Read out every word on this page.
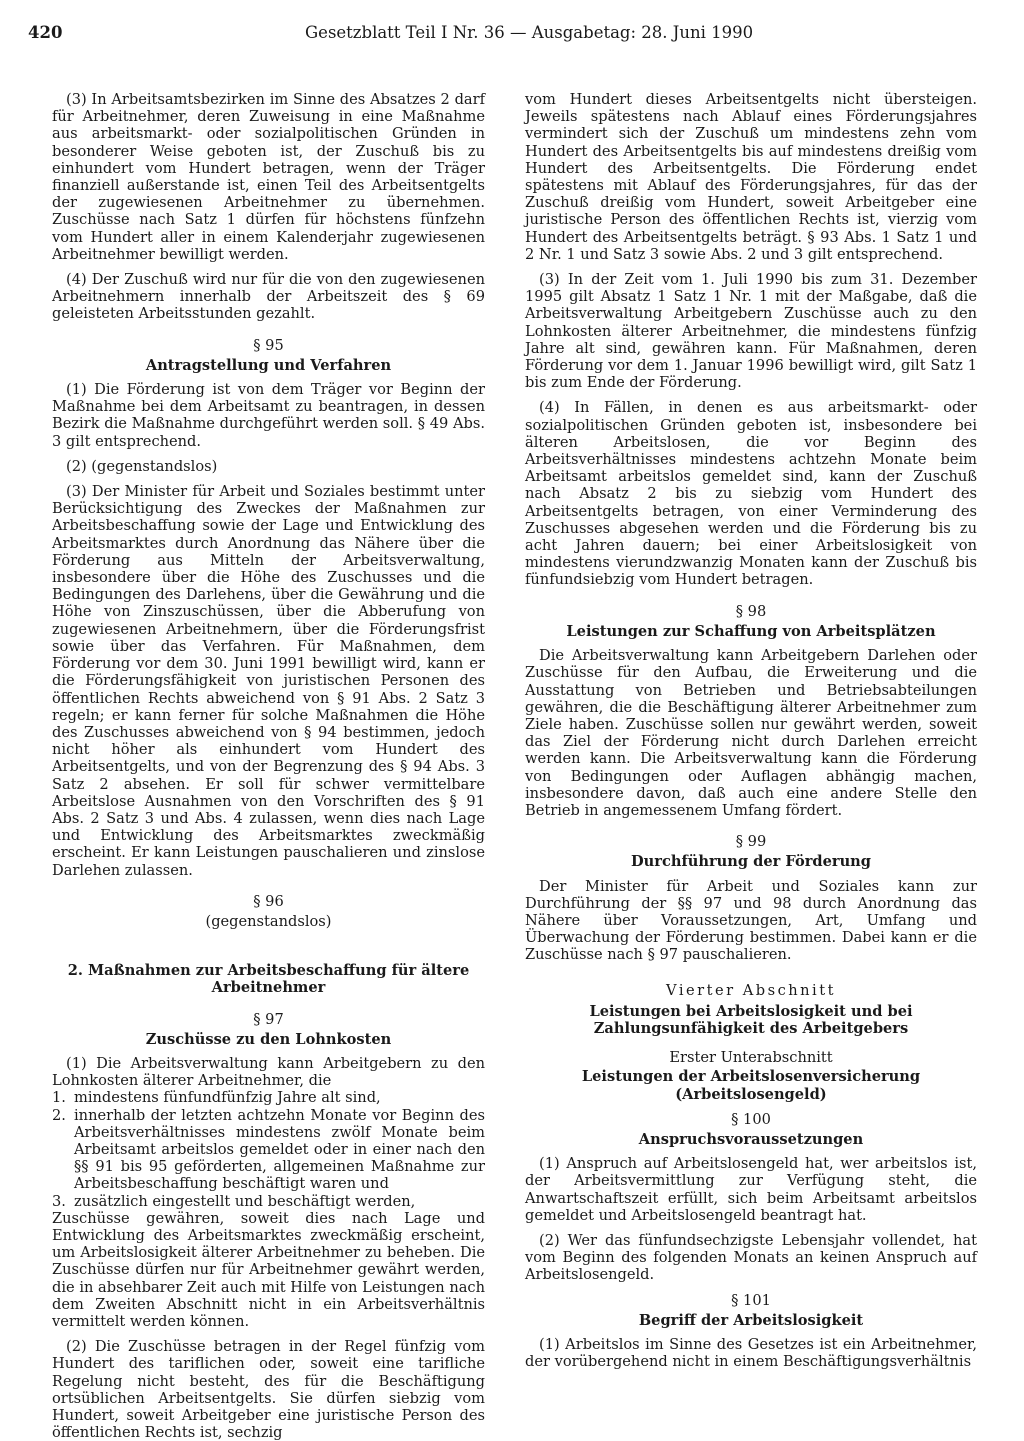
420	Gesetzblatt Teil I Nr. 36 — Ausgabetag: 28. Juni 1990

(3) In Arbeitsamtsbezirken im Sinne des Absatzes 2 darf für Arbeitnehmer, deren Zuweisung in eine Maßnahme aus arbeitsmarkt- oder sozialpolitischen Gründen in besonderer Weise geboten ist, der Zuschuß bis zu einhundert vom Hundert betragen, wenn der Träger finanziell außerstande ist, einen Teil des Arbeitsentgelts der zugewiesenen Arbeitnehmer zu übernehmen. Zuschüsse nach Satz 1 dürfen für höchstens fünfzehn vom Hundert aller in einem Kalenderjahr zugewiesenen Arbeitnehmer bewilligt werden.

(4) Der Zuschuß wird nur für die von den zugewiesenen Arbeitnehmern innerhalb der Arbeitszeit des § 69 geleisteten Arbeitsstunden gezahlt.

§ 95
Antragstellung und Verfahren

(1) Die Förderung ist von dem Träger vor Beginn der Maßnahme bei dem Arbeitsamt zu beantragen, in dessen Bezirk die Maßnahme durchgeführt werden soll. § 49 Abs. 3 gilt entsprechend.

(2) (gegenstandslos)

(3) Der Minister für Arbeit und Soziales bestimmt unter Berücksichtigung des Zweckes der Maßnahmen zur Arbeitsbeschaffung sowie der Lage und Entwicklung des Arbeitsmarktes durch Anordnung das Nähere über die Förderung aus Mitteln der Arbeitsverwaltung, insbesondere über die Höhe des Zuschusses und die Bedingungen des Darlehens, über die Gewährung und die Höhe von Zinszuschüssen, über die Abberufung von zugewiesenen Arbeitnehmern, über die Förderungsfrist sowie über das Verfahren. Für Maßnahmen, dem Förderung vor dem 30. Juni 1991 bewilligt wird, kann er die Förderungsfähigkeit von juristischen Personen des öffentlichen Rechts abweichend von § 91 Abs. 2 Satz 3 regeln; er kann ferner für solche Maßnahmen die Höhe des Zuschusses abweichend von § 94 bestimmen, jedoch nicht höher als einhundert vom Hundert des Arbeitsentgelts, und von der Begrenzung des § 94 Abs. 3 Satz 2 absehen. Er soll für schwer vermittelbare Arbeitslose Ausnahmen von den Vorschriften des § 91 Abs. 2 Satz 3 und Abs. 4 zulassen, wenn dies nach Lage und Entwicklung des Arbeitsmarktes zweckmäßig erscheint. Er kann Leistungen pauschalieren und zinslose Darlehen zulassen.

§ 96
(gegenstandslos)
2. Maßnahmen zur Arbeitsbeschaffung für ältere Arbeitnehmer
§ 97
Zuschüsse zu den Lohnkosten

(1) Die Arbeitsverwaltung kann Arbeitgebern zu den Lohnkosten älterer Arbeitnehmer, die

1. mindestens fünfundfünfzig Jahre alt sind,
2. innerhalb der letzten achtzehn Monate vor Beginn des Arbeitsverhältnisses mindestens zwölf Monate beim Arbeitsamt arbeitslos gemeldet oder in einer nach den §§ 91 bis 95 geförderten, allgemeinen Maßnahme zur Arbeitsbeschaffung beschäftigt waren und
3. zusätzlich eingestellt und beschäftigt werden,

Zuschüsse gewähren, soweit dies nach Lage und Entwicklung des Arbeitsmarktes zweckmäßig erscheint, um Arbeitslosigkeit älterer Arbeitnehmer zu beheben. Die Zuschüsse dürfen nur für Arbeitnehmer gewährt werden, die in absehbarer Zeit auch mit Hilfe von Leistungen nach dem Zweiten Abschnitt nicht in ein Arbeitsverhältnis vermittelt werden können.

(2) Die Zuschüsse betragen in der Regel fünfzig vom Hundert des tariflichen oder, soweit eine tarifliche Regelung nicht besteht, des für die Beschäftigung ortsüblichen Arbeitsentgelts. Sie dürfen siebzig vom Hundert, soweit Arbeitgeber eine juristische Person des öffentlichen Rechts ist, sechzig

vom Hundert dieses Arbeitsentgelts nicht übersteigen. Jeweils spätestens nach Ablauf eines Förderungsjahres vermindert sich der Zuschuß um mindestens zehn vom Hundert des Arbeitsentgelts bis auf mindestens dreißig vom Hundert des Arbeitsentgelts. Die Förderung endet spätestens mit Ablauf des Förderungsjahres, für das der Zuschuß dreißig vom Hundert, soweit Arbeitgeber eine juristische Person des öffentlichen Rechts ist, vierzig vom Hundert des Arbeitsentgelts beträgt. § 93 Abs. 1 Satz 1 und 2 Nr. 1 und Satz 3 sowie Abs. 2 und 3 gilt entsprechend.

(3) In der Zeit vom 1. Juli 1990 bis zum 31. Dezember 1995 gilt Absatz 1 Satz 1 Nr. 1 mit der Maßgabe, daß die Arbeitsverwaltung Arbeitgebern Zuschüsse auch zu den Lohnkosten älterer Arbeitnehmer, die mindestens fünfzig Jahre alt sind, gewähren kann. Für Maßnahmen, deren Förderung vor dem 1. Januar 1996 bewilligt wird, gilt Satz 1 bis zum Ende der Förderung.

(4) In Fällen, in denen es aus arbeitsmarkt- oder sozialpolitischen Gründen geboten ist, insbesondere bei älteren Arbeitslosen, die vor Beginn des Arbeitsverhältnisses mindestens achtzehn Monate beim Arbeitsamt arbeitslos gemeldet sind, kann der Zuschuß nach Absatz 2 bis zu siebzig vom Hundert des Arbeitsentgelts betragen, von einer Verminderung des Zuschusses abgesehen werden und die Förderung bis zu acht Jahren dauern; bei einer Arbeitslosigkeit von mindestens vierundzwanzig Monaten kann der Zuschuß bis fünfundsiebzig vom Hundert betragen.

§ 98
Leistungen zur Schaffung von Arbeitsplätzen

Die Arbeitsverwaltung kann Arbeitgebern Darlehen oder Zuschüsse für den Aufbau, die Erweiterung und die Ausstattung von Betrieben und Betriebsabteilungen gewähren, die die Beschäftigung älterer Arbeitnehmer zum Ziele haben. Zuschüsse sollen nur gewährt werden, soweit das Ziel der Förderung nicht durch Darlehen erreicht werden kann. Die Arbeitsverwaltung kann die Förderung von Bedingungen oder Auflagen abhängig machen, insbesondere davon, daß auch eine andere Stelle den Betrieb in angemessenem Umfang fördert.

§ 99
Durchführung der Förderung

Der Minister für Arbeit und Soziales kann zur Durchführung der §§ 97 und 98 durch Anordnung das Nähere über Voraussetzungen, Art, Umfang und Überwachung der Förderung bestimmen. Dabei kann er die Zuschüsse nach § 97 pauschalieren.

Vierter Abschnitt
Leistungen bei Arbeitslosigkeit und bei Zahlungsunfähigkeit des Arbeitgebers
Erster Unterabschnitt
Leistungen der Arbeitslosenversicherung (Arbeitslosengeld)
§ 100
Anspruchsvoraussetzungen

(1) Anspruch auf Arbeitslosengeld hat, wer arbeitslos ist, der Arbeitsvermittlung zur Verfügung steht, die Anwartschaftszeit erfüllt, sich beim Arbeitsamt arbeitslos gemeldet und Arbeitslosengeld beantragt hat.

(2) Wer das fünfundsechzigste Lebensjahr vollendet, hat vom Beginn des folgenden Monats an keinen Anspruch auf Arbeitslosengeld.

§ 101
Begriff der Arbeitslosigkeit

(1) Arbeitslos im Sinne des Gesetzes ist ein Arbeitnehmer, der vorübergehend nicht in einem Beschäftigungsverhältnis
